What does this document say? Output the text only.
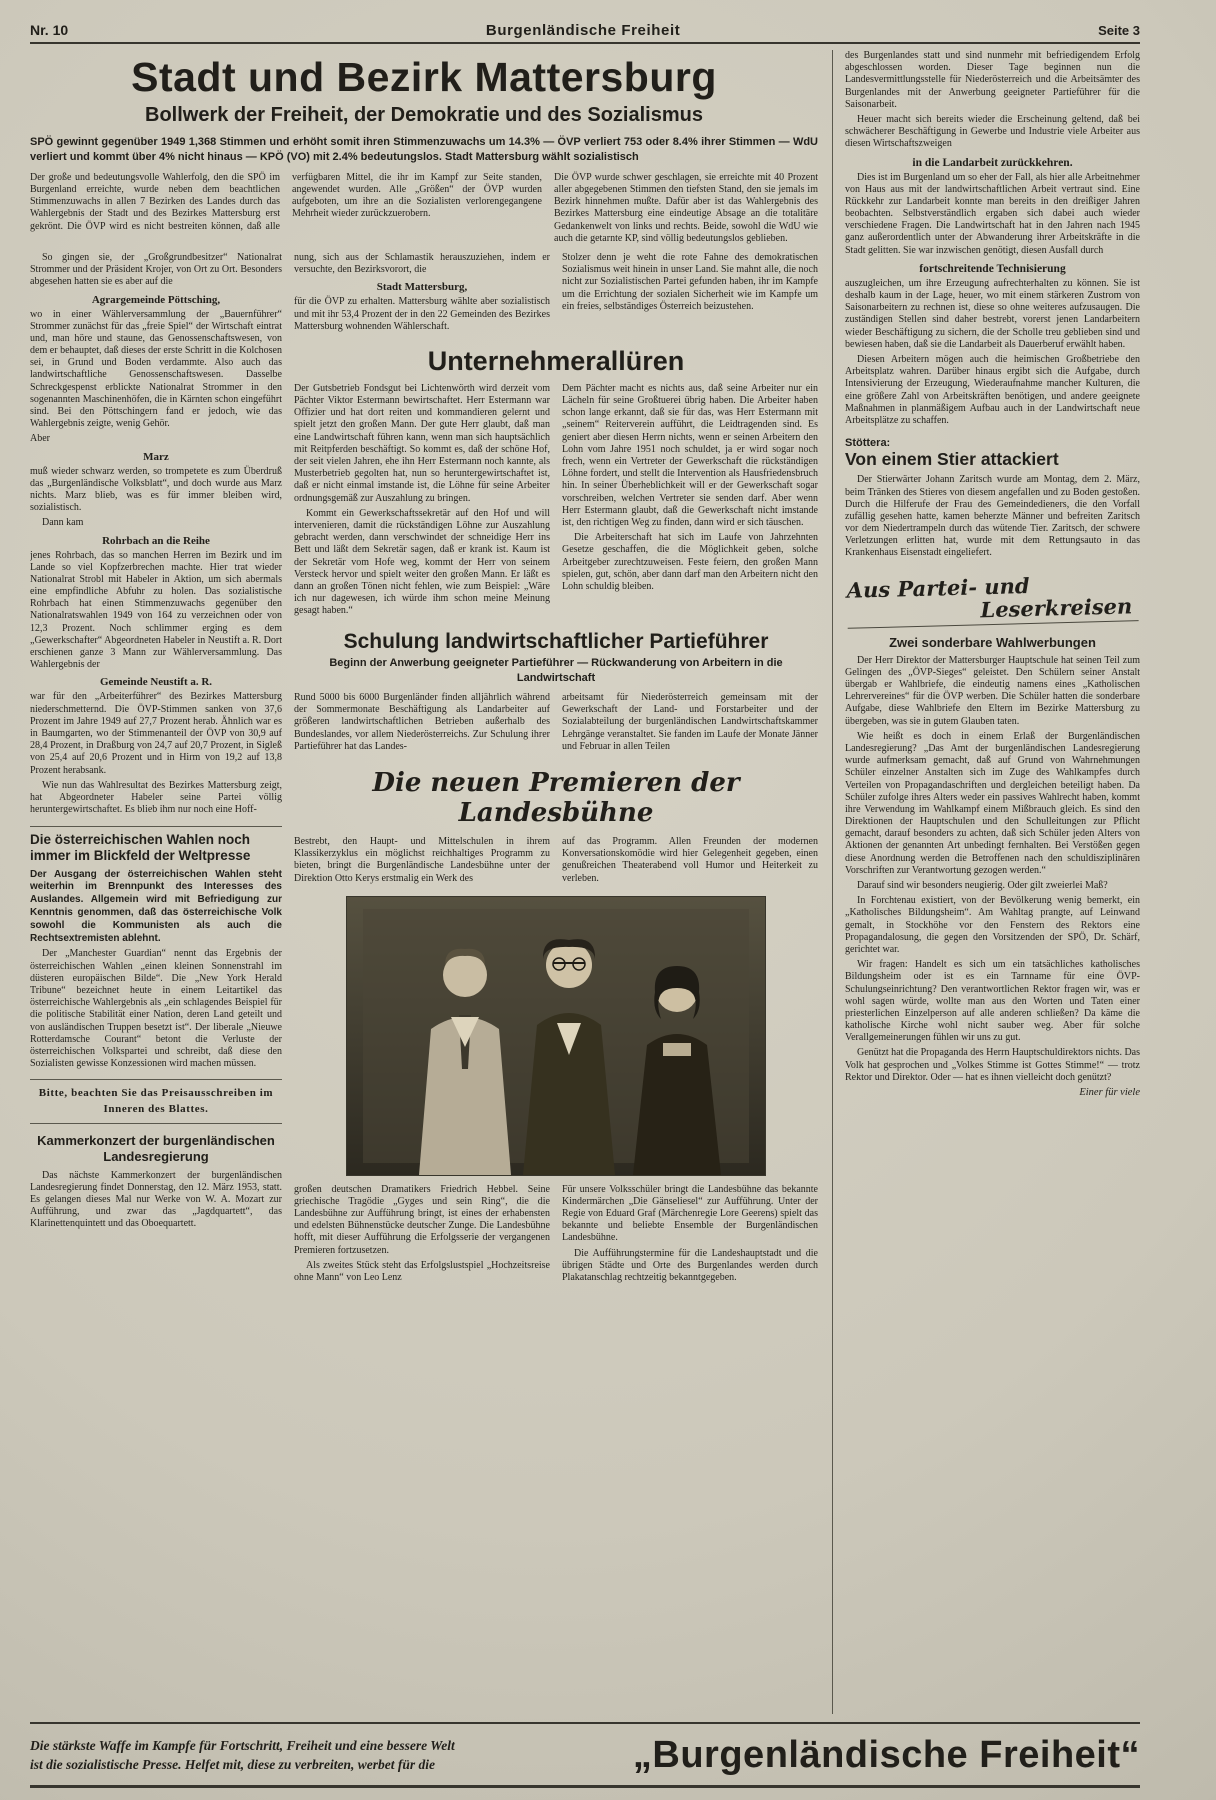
Nr. 10	Burgenländische Freiheit	Seite 3
Stadt und Bezirk Mattersburg
Bollwerk der Freiheit, der Demokratie und des Sozialismus

SPÖ gewinnt gegenüber 1949 1,368 Stimmen und erhöht somit ihren Stimmenzuwachs um 14.3% — ÖVP verliert 753 oder 8.4% ihrer Stimmen — WdU verliert und kommt über 4% nicht hinaus — KPÖ (VO) mit 2.4% bedeutungslos. Stadt Mattersburg wählt sozialistisch

Der große und bedeutungsvolle Wahlerfolg, den die SPÖ im Burgenland erreichte, wurde neben dem beachtlichen Stimmenzuwachs in allen 7 Bezirken des Landes durch das Wahlergebnis der Stadt und des Bezirkes Mattersburg erst gekrönt. Die ÖVP wird es nicht bestreiten können, daß alle verfügbaren Mittel, die ihr im Kampf zur Seite standen, angewendet wurden. Alle „Größen“ der ÖVP wurden aufgeboten, um ihre an die Sozialisten verlorengegangene Mehrheit wieder zurückzuerobern.

Die ÖVP wurde schwer geschlagen, sie erreichte mit 40 Prozent aller abgegebenen Stimmen den tiefsten Stand, den sie jemals im Bezirk hinnehmen mußte. Dafür aber ist das Wahlergebnis des Bezirkes Mattersburg eine eindeutige Absage an die totalitäre Gedankenwelt von links und rechts. Beide, sowohl die WdU wie auch die getarnte KP, sind völlig bedeutungslos geblieben.

So gingen sie, der „Großgrundbesitzer“ Nationalrat Strommer und der Präsident Krojer, von Ort zu Ort. Besonders abgesehen hatten sie es aber auf die

Agrargemeinde Pöttsching,

wo in einer Wählerversammlung der „Bauernführer“ Strommer zunächst für das „freie Spiel“ der Wirtschaft eintrat und, man höre und staune, das Genossenschaftswesen, von dem er behauptet, daß dieses der erste Schritt in die Kolchosen sei, in Grund und Boden verdammte. Also auch das landwirtschaftliche Genossenschaftswesen. Dasselbe Schreckgespenst erblickte Nationalrat Strommer in den sogenannten Maschinenhöfen, die in Kärnten schon eingeführt sind. Bei den Pöttschingern fand er jedoch, wie das Wahlergebnis zeigte, wenig Gehör.

Aber

Marz

muß wieder schwarz werden, so trompetete es zum Überdruß das „Burgenländische Volksblatt“, und doch wurde aus Marz nichts. Marz blieb, was es für immer bleiben wird, sozialistisch.

Dann kam

Rohrbach an die Reihe

jenes Rohrbach, das so manchen Herren im Bezirk und im Lande so viel Kopfzerbrechen machte. Hier trat wieder Nationalrat Strobl mit Habeler in Aktion, um sich abermals eine empfindliche Abfuhr zu holen. Das sozialistische Rohrbach hat einen Stimmenzuwachs gegenüber den Nationalratswahlen 1949 von 164 zu verzeichnen oder von 12,3 Prozent. Noch schlimmer erging es dem „Gewerkschafter“ Abgeordneten Habeler in Neustift a. R. Dort erschienen ganze 3 Mann zur Wählerversammlung. Das Wahlergebnis der

Gemeinde Neustift a. R.

war für den „Arbeiterführer“ des Bezirkes Mattersburg niederschmetternd. Die ÖVP-Stimmen sanken von 37,6 Prozent im Jahre 1949 auf 27,7 Prozent herab. Ähnlich war es in Baumgarten, wo der Stimmenanteil der ÖVP von 30,9 auf 28,4 Prozent, in Draßburg von 24,7 auf 20,7 Prozent, in Sigleß von 25,4 auf 20,6 Prozent und in Hirm von 19,2 auf 13,8 Prozent herabsank.

Wie nun das Wahlresultat des Bezirkes Mattersburg zeigt, hat Abgeordneter Habeler seine Partei völlig heruntergewirtschaftet. Es blieb ihm nur noch eine Hoff-

Die österreichischen Wahlen noch immer im Blickfeld der Weltpresse

Der Ausgang der österreichischen Wahlen steht weiterhin im Brennpunkt des Interesses des Auslandes. Allgemein wird mit Befriedigung zur Kenntnis genommen, daß das österreichische Volk sowohl die Kommunisten als auch die Rechtsextremisten ablehnt.

Der „Manchester Guardian“ nennt das Ergebnis der österreichischen Wahlen „einen kleinen Sonnenstrahl im düsteren europäischen Bilde“. Die „New York Herald Tribune“ bezeichnet heute in einem Leitartikel das österreichische Wahlergebnis als „ein schlagendes Beispiel für die politische Stabilität einer Nation, deren Land geteilt und von ausländischen Truppen besetzt ist“. Der liberale „Nieuwe Rotterdamsche Courant“ betont die Verluste der österreichischen Volkspartei und schreibt, daß diese den Sozialisten gewisse Konzessionen wird machen müssen.

Bitte, beachten Sie das Preisausschreiben im Inneren des Blattes.
Kammerkonzert der burgenländischen Landesregierung

Das nächste Kammerkonzert der burgenländischen Landesregierung findet Donnerstag, den 12. März 1953, statt. Es gelangen dieses Mal nur Werke von W. A. Mozart zur Aufführung, und zwar das „Jagdquartett“, das Klarinettenquintett und das Oboequartett.

nung, sich aus der Schlamastik herauszuziehen, indem er versuchte, den Bezirksvorort, die

Stadt Mattersburg,

für die ÖVP zu erhalten. Mattersburg wählte aber sozialistisch und mit ihr 53,4 Prozent der in den 22 Gemeinden des Bezirkes Mattersburg wohnenden Wählerschaft.

Stolzer denn je weht die rote Fahne des demokratischen Sozialismus weit hinein in unser Land. Sie mahnt alle, die noch nicht zur Sozialistischen Partei gefunden haben, ihr im Kampfe um die Errichtung der sozialen Sicherheit wie im Kampfe um ein freies, selbständiges Österreich beizustehen.

Unternehmerallüren

Der Gutsbetrieb Fondsgut bei Lichtenwörth wird derzeit vom Pächter Viktor Estermann bewirtschaftet. Herr Estermann war Offizier und hat dort reiten und kommandieren gelernt und spielt jetzt den großen Mann. Der gute Herr glaubt, daß man eine Landwirtschaft führen kann, wenn man sich hauptsächlich mit Reitpferden beschäftigt. So kommt es, daß der schöne Hof, der seit vielen Jahren, ehe ihn Herr Estermann noch kannte, als Musterbetrieb gegolten hat, nun so heruntergewirtschaftet ist, daß er nicht einmal imstande ist, die Löhne für seine Arbeiter ordnungsgemäß zur Auszahlung zu bringen.

Kommt ein Gewerkschaftssekretär auf den Hof und will intervenieren, damit die rückständigen Löhne zur Auszahlung gebracht werden, dann verschwindet der schneidige Herr ins Bett und läßt dem Sekretär sagen, daß er krank ist. Kaum ist der Sekretär vom Hofe weg, kommt der Herr von seinem Versteck hervor und spielt weiter den großen Mann. Er läßt es dann an großen Tönen nicht fehlen, wie zum Beispiel: „Wäre ich nur dagewesen, ich würde ihm schon meine Meinung gesagt haben.“

Dem Pächter macht es nichts aus, daß seine Arbeiter nur ein Lächeln für seine Großtuerei übrig haben. Die Arbeiter haben schon lange erkannt, daß sie für das, was Herr Estermann mit „seinem“ Reiterverein aufführt, die Leidtragenden sind. Es geniert aber diesen Herrn nichts, wenn er seinen Arbeitern den Lohn vom Jahre 1951 noch schuldet, ja er wird sogar noch frech, wenn ein Vertreter der Gewerkschaft die rückständigen Löhne fordert, und stellt die Intervention als Hausfriedensbruch hin. In seiner Überheblichkeit will er der Gewerkschaft sogar vorschreiben, welchen Vertreter sie senden darf. Aber wenn Herr Estermann glaubt, daß die Gewerkschaft nicht imstande ist, den richtigen Weg zu finden, dann wird er sich täuschen.

Die Arbeiterschaft hat sich im Laufe von Jahrzehnten Gesetze geschaffen, die die Möglichkeit geben, solche Arbeitgeber zurechtzuweisen. Feste feiern, den großen Mann spielen, gut, schön, aber dann darf man den Arbeitern nicht den Lohn schuldig bleiben.

Schulung landwirtschaftlicher Partieführer
Beginn der Anwerbung geeigneter Partieführer — Rückwanderung von Arbeitern in die Landwirtschaft

Rund 5000 bis 6000 Burgenländer finden alljährlich während der Sommermonate Beschäftigung als Landarbeiter auf größeren landwirtschaftlichen Betrieben außerhalb des Bundeslandes, vor allem Niederösterreichs. Zur Schulung ihrer Partieführer hat das Landes-

arbeitsamt für Niederösterreich gemeinsam mit der Gewerkschaft der Land- und Forstarbeiter und der Sozialabteilung der burgenländischen Landwirtschaftskammer Lehrgänge veranstaltet. Sie fanden im Laufe der Monate Jänner und Februar in allen Teilen

Die neuen Premieren der Landesbühne

Bestrebt, den Haupt- und Mittelschulen in ihrem Klassikerzyklus ein möglichst reichhaltiges Programm zu bieten, bringt die Burgenländische Landesbühne unter der Direktion Otto Kerys erstmalig ein Werk des

auf das Programm. Allen Freunden der modernen Konversationskomödie wird hier Gelegenheit gegeben, einen genußreichen Theaterabend voll Humor und Heiterkeit zu verleben.

großen deutschen Dramatikers Friedrich Hebbel. Seine griechische Tragödie „Gyges und sein Ring“, die die Landesbühne zur Aufführung bringt, ist eines der erhabensten und edelsten Bühnenstücke deutscher Zunge. Die Landesbühne hofft, mit dieser Aufführung die Erfolgsserie der vergangenen Premieren fortzusetzen.

Als zweites Stück steht das Erfolgslustspiel „Hochzeitsreise ohne Mann“ von Leo Lenz

Für unsere Volksschüler bringt die Landesbühne das bekannte Kindermärchen „Die Gänseliesel“ zur Aufführung. Unter der Regie von Eduard Graf (Märchenregie Lore Geerens) spielt das bekannte und beliebte Ensemble der Burgenländischen Landesbühne.

Die Aufführungstermine für die Landeshauptstadt und die übrigen Städte und Orte des Burgenlandes werden durch Plakatanschlag rechtzeitig bekanntgegeben.

des Burgenlandes statt und sind nunmehr mit befriedigendem Erfolg abgeschlossen worden. Dieser Tage beginnen nun die Landesvermittlungsstelle für Niederösterreich und die Arbeitsämter des Burgenlandes mit der Anwerbung geeigneter Partieführer für die Saisonarbeit.

Heuer macht sich bereits wieder die Erscheinung geltend, daß bei schwächerer Beschäftigung in Gewerbe und Industrie viele Arbeiter aus diesen Wirtschaftszweigen

in die Landarbeit zurückkehren.

Dies ist im Burgenland um so eher der Fall, als hier alle Arbeitnehmer von Haus aus mit der landwirtschaftlichen Arbeit vertraut sind. Eine Rückkehr zur Landarbeit konnte man bereits in den dreißiger Jahren beobachten. Selbstverständlich ergaben sich dabei auch wieder verschiedene Fragen. Die Landwirtschaft hat in den Jahren nach 1945 ganz außerordentlich unter der Abwanderung ihrer Arbeitskräfte in die Stadt gelitten. Sie war inzwischen genötigt, diesen Ausfall durch

fortschreitende Technisierung

auszugleichen, um ihre Erzeugung aufrechterhalten zu können. Sie ist deshalb kaum in der Lage, heuer, wo mit einem stärkeren Zustrom von Saisonarbeitern zu rechnen ist, diese so ohne weiteres aufzusaugen. Die zuständigen Stellen sind daher bestrebt, vorerst jenen Landarbeitern wieder Beschäftigung zu sichern, die der Scholle treu geblieben sind und bewiesen haben, daß sie die Landarbeit als Dauerberuf erwählt haben.

Diesen Arbeitern mögen auch die heimischen Großbetriebe den Arbeitsplatz wahren. Darüber hinaus ergibt sich die Aufgabe, durch Intensivierung der Erzeugung, Wiederaufnahme mancher Kulturen, die eine größere Zahl von Arbeitskräften benötigen, und andere geeignete Maßnahmen in planmäßigem Aufbau auch in der Landwirtschaft neue Arbeitsplätze zu schaffen.

Stöttera:

Von einem Stier attackiert

Der Stierwärter Johann Zaritsch wurde am Montag, dem 2. März, beim Tränken des Stieres von diesem angefallen und zu Boden gestoßen. Durch die Hilferufe der Frau des Gemeindedieners, die den Vorfall zufällig gesehen hatte, kamen beherzte Männer und befreiten Zaritsch vor dem Niedertrampeln durch das wütende Tier. Zaritsch, der schwere Verletzungen erlitten hat, wurde mit dem Rettungsauto in das Krankenhaus Eisenstadt eingeliefert.

Aus Partei- und
Leserkreisen
Zwei sonderbare Wahlwerbungen

Der Herr Direktor der Mattersburger Hauptschule hat seinen Teil zum Gelingen des „ÖVP-Sieges“ geleistet. Den Schülern seiner Anstalt übergab er Wahlbriefe, die eindeutig namens eines „Katholischen Lehrervereines“ für die ÖVP werben. Die Schüler hatten die sonderbare Aufgabe, diese Wahlbriefe den Eltern im Bezirke Mattersburg zu übergeben, was sie in gutem Glauben taten.

Wie heißt es doch in einem Erlaß der Burgenländischen Landesregierung? „Das Amt der burgenländischen Landesregierung wurde aufmerksam gemacht, daß auf Grund von Wahrnehmungen Schüler einzelner Anstalten sich im Zuge des Wahlkampfes durch Verteilen von Propagandaschriften und dergleichen beteiligt haben. Da Schüler zufolge ihres Alters weder ein passives Wahlrecht haben, kommt ihre Verwendung im Wahlkampf einem Mißbrauch gleich. Es sind den Direktionen der Hauptschulen und den Schulleitungen zur Pflicht gemacht, darauf besonders zu achten, daß sich Schüler jeden Alters von Aktionen der genannten Art unbedingt fernhalten. Bei Verstößen gegen diese Anordnung werden die Betroffenen nach den schuldisziplinären Vorschriften zur Verantwortung gezogen werden.“

Darauf sind wir besonders neugierig. Oder gilt zweierlei Maß?

In Forchtenau existiert, von der Bevölkerung wenig bemerkt, ein „Katholisches Bildungsheim“. Am Wahltag prangte, auf Leinwand gemalt, in Stockhöhe vor den Fenstern des Rektors eine Propagandalosung, die gegen den Vorsitzenden der SPÖ, Dr. Schärf, gerichtet war.

Wir fragen: Handelt es sich um ein tatsächliches katholisches Bildungsheim oder ist es ein Tarnname für eine ÖVP-Schulungseinrichtung? Den verantwortlichen Rektor fragen wir, was er wohl sagen würde, wollte man aus den Worten und Taten einer priesterlichen Einzelperson auf alle anderen schließen? Da käme die katholische Kirche wohl nicht sauber weg. Aber für solche Verallgemeinerungen fühlen wir uns zu gut.

Genützt hat die Propaganda des Herrn Hauptschuldirektors nichts. Das Volk hat gesprochen und „Volkes Stimme ist Gottes Stimme!“ — trotz Rektor und Direktor. Oder — hat es ihnen vielleicht doch genützt?

Einer für viele

Die stärkste Waffe im Kampfe für Fortschritt, Freiheit und eine bessere Welt
ist die sozialistische Presse. Helfet mit, diese zu verbreiten, werbet für die	„Burgenländische Freiheit“
